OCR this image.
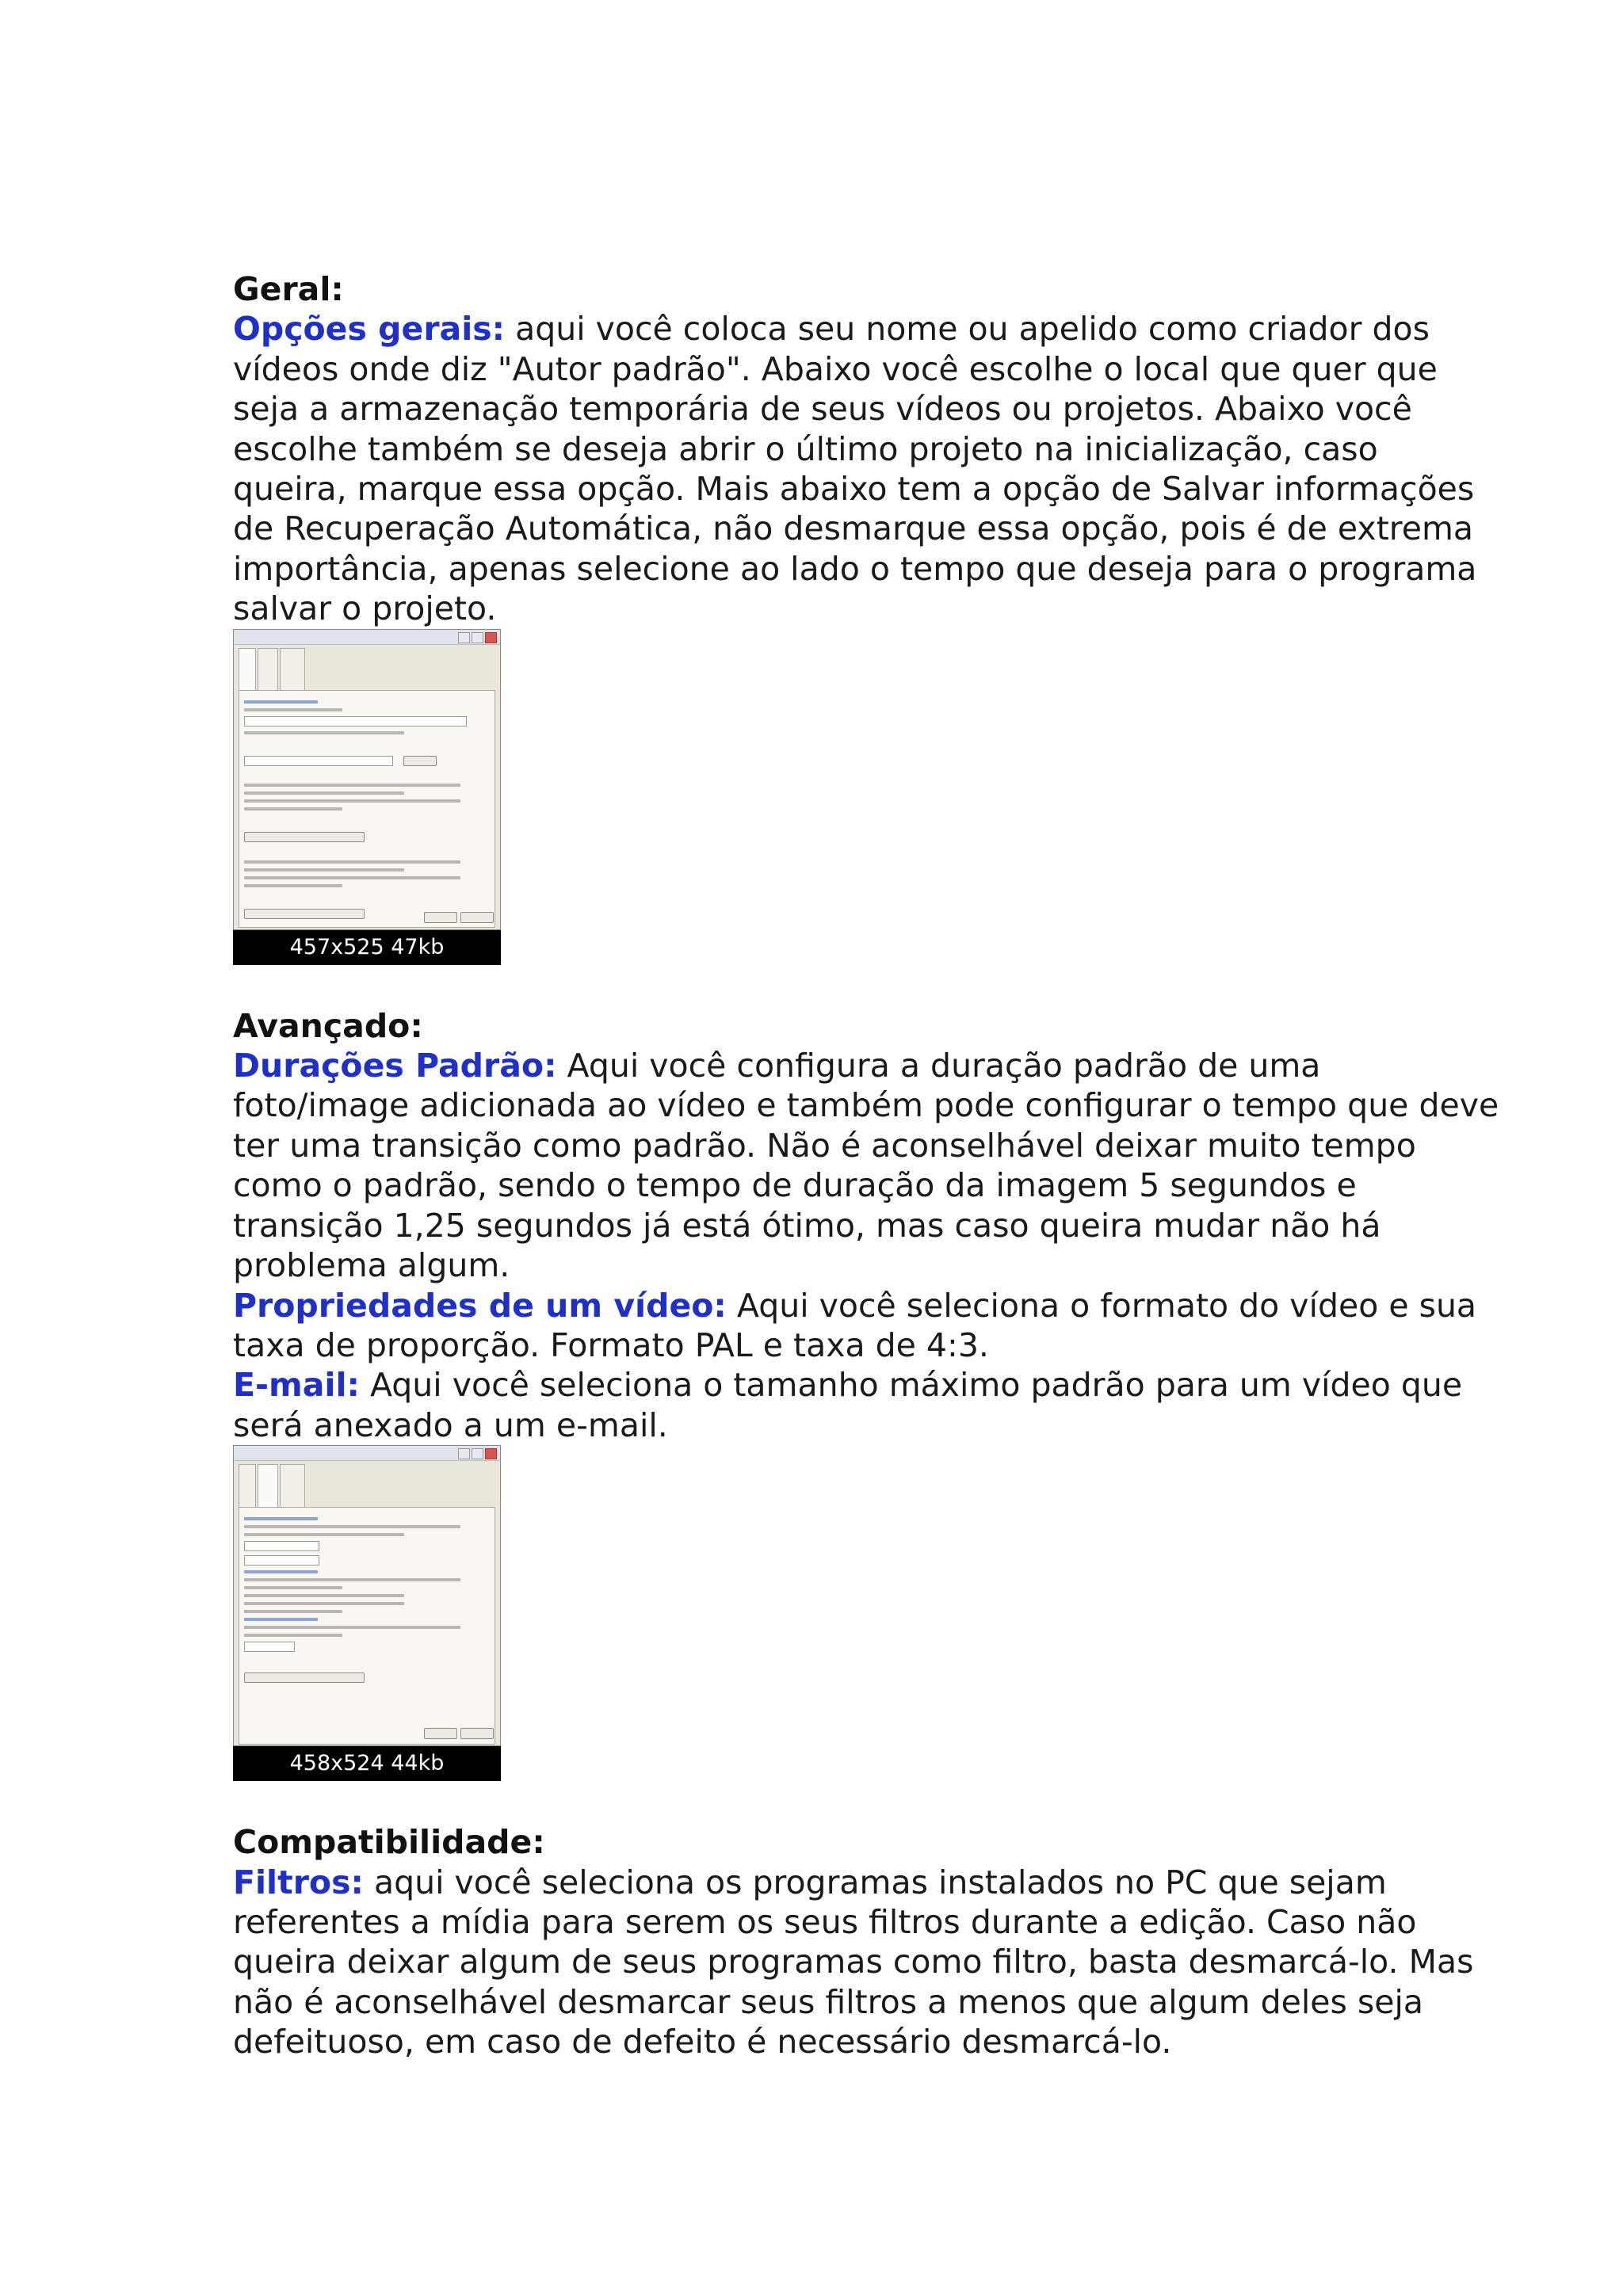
Geral:
Opções gerais: aqui você coloca seu nome ou apelido como criador dos vídeos onde diz "Autor padrão". Abaixo você escolhe o local que quer que seja a armazenação temporária de seus vídeos ou projetos. Abaixo você escolhe também se deseja abrir o último projeto na inicialização, caso queira, marque essa opção. Mais abaixo tem a opção de Salvar informações de Recuperação Automática, não desmarque essa opção, pois é de extrema importância, apenas selecione ao lado o tempo que deseja para o programa salvar o projeto.

457x525 47kb
Avançado:
Durações Padrão: Aqui você configura a duração padrão de uma foto/image adicionada ao vídeo e também pode configurar o tempo que deve ter uma transição como padrão. Não é aconselhável deixar muito tempo como o padrão, sendo o tempo de duração da imagem 5 segundos e transição 1,25 segundos já está ótimo, mas caso queira mudar não há problema algum.
Propriedades de um vídeo: Aqui você seleciona o formato do vídeo e sua taxa de proporção. Formato PAL e taxa de 4:3.
E-mail: Aqui você seleciona o tamanho máximo padrão para um vídeo que será anexado a um e-mail.

458x524 44kb
Compatibilidade:
Filtros: aqui você seleciona os programas instalados no PC que sejam referentes a mídia para serem os seus filtros durante a edição. Caso não queira deixar algum de seus programas como filtro, basta desmarcá-lo. Mas não é aconselhável desmarcar seus filtros a menos que algum deles seja defeituoso, em caso de defeito é necessário desmarcá-lo.
